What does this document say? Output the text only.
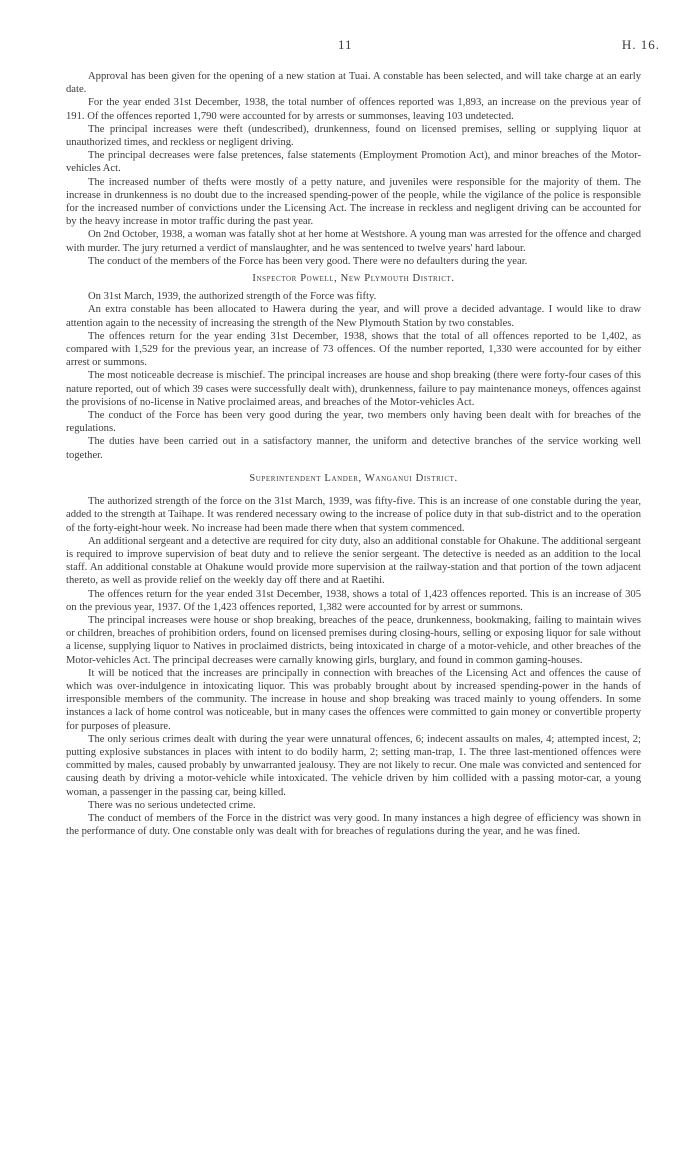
11	H. 16.

Approval has been given for the opening of a new station at Tuai. A constable has been selected, and will take charge at an early date.

For the year ended 31st December, 1938, the total number of offences reported was 1,893, an increase on the previous year of 191. Of the offences reported 1,790 were accounted for by arrests or summonses, leaving 103 undetected.

The principal increases were theft (undescribed), drunkenness, found on licensed premises, selling or supplying liquor at unauthorized times, and reckless or negligent driving.

The principal decreases were false pretences, false statements (Employment Promotion Act), and minor breaches of the Motor-vehicles Act.

The increased number of thefts were mostly of a petty nature, and juveniles were responsible for the majority of them. The increase in drunkenness is no doubt due to the increased spending-power of the people, while the vigilance of the police is responsible for the increased number of convictions under the Licensing Act. The increase in reckless and negligent driving can be accounted for by the heavy increase in motor traffic during the past year.

On 2nd October, 1938, a woman was fatally shot at her home at Westshore. A young man was arrested for the offence and charged with murder. The jury returned a verdict of manslaughter, and he was sentenced to twelve years' hard labour.

The conduct of the members of the Force has been very good. There were no defaulters during the year.

Inspector Powell, New Plymouth District.

On 31st March, 1939, the authorized strength of the Force was fifty.

An extra constable has been allocated to Hawera during the year, and will prove a decided advantage. I would like to draw attention again to the necessity of increasing the strength of the New Plymouth Station by two constables.

The offences return for the year ending 31st December, 1938, shows that the total of all offences reported to be 1,402, as compared with 1,529 for the previous year, an increase of 73 offences. Of the number reported, 1,330 were accounted for by either arrest or summons.

The most noticeable decrease is mischief. The principal increases are house and shop breaking (there were forty-four cases of this nature reported, out of which 39 cases were successfully dealt with), drunkenness, failure to pay maintenance moneys, offences against the provisions of no-license in Native proclaimed areas, and breaches of the Motor-vehicles Act.

The conduct of the Force has been very good during the year, two members only having been dealt with for breaches of the regulations.

The duties have been carried out in a satisfactory manner, the uniform and detective branches of the service working well together.

Superintendent Lander, Wanganui District.

The authorized strength of the force on the 31st March, 1939, was fifty-five. This is an increase of one constable during the year, added to the strength at Taihape. It was rendered necessary owing to the increase of police duty in that sub-district and to the operation of the forty-eight-hour week. No increase had been made there when that system commenced.

An additional sergeant and a detective are required for city duty, also an additional constable for Ohakune. The additional sergeant is required to improve supervision of beat duty and to relieve the senior sergeant. The detective is needed as an addition to the local staff. An additional constable at Ohakune would provide more supervision at the railway-station and that portion of the town adjacent thereto, as well as provide relief on the weekly day off there and at Raetihi.

The offences return for the year ended 31st December, 1938, shows a total of 1,423 offences reported. This is an increase of 305 on the previous year, 1937. Of the 1,423 offences reported, 1,382 were accounted for by arrest or summons.

The principal increases were house or shop breaking, breaches of the peace, drunkenness, bookmaking, failing to maintain wives or children, breaches of prohibition orders, found on licensed premises during closing-hours, selling or exposing liquor for sale without a license, supplying liquor to Natives in proclaimed districts, being intoxicated in charge of a motor-vehicle, and other breaches of the Motor-vehicles Act. The principal decreases were carnally knowing girls, burglary, and found in common gaming-houses.

It will be noticed that the increases are principally in connection with breaches of the Licensing Act and offences the cause of which was over-indulgence in intoxicating liquor. This was probably brought about by increased spending-power in the hands of irresponsible members of the community. The increase in house and shop breaking was traced mainly to young offenders. In some instances a lack of home control was noticeable, but in many cases the offences were committed to gain money or convertible property for purposes of pleasure.

The only serious crimes dealt with during the year were unnatural offences, 6; indecent assaults on males, 4; attempted incest, 2; putting explosive substances in places with intent to do bodily harm, 2; setting man-trap, 1. The three last-mentioned offences were committed by males, caused probably by unwarranted jealousy. They are not likely to recur. One male was convicted and sentenced for causing death by driving a motor-vehicle while intoxicated. The vehicle driven by him collided with a passing motor-car, a young woman, a passenger in the passing car, being killed.

There was no serious undetected crime.

The conduct of members of the Force in the district was very good. In many instances a high degree of efficiency was shown in the performance of duty. One constable only was dealt with for breaches of regulations during the year, and he was fined.
